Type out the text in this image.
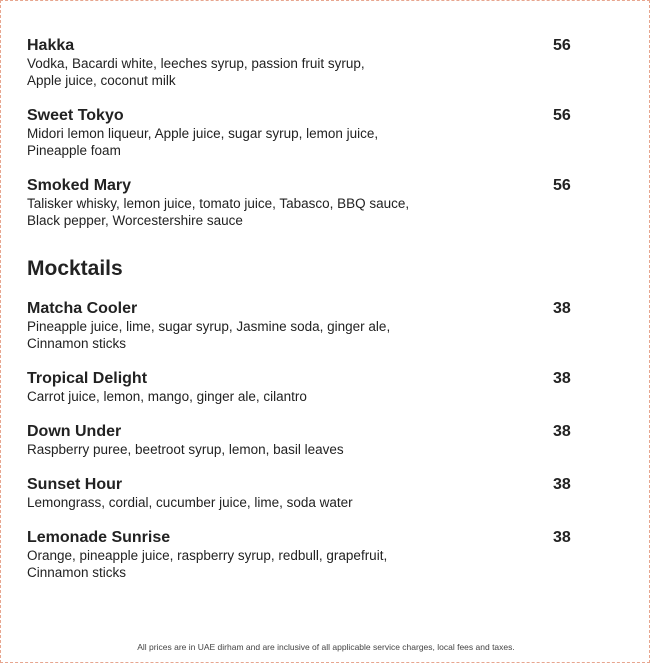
Hakka
Vodka, Bacardi white, leeches syrup, passion fruit syrup,
Apple juice, coconut milk
56
Sweet Tokyo
Midori lemon liqueur, Apple juice, sugar syrup, lemon juice,
Pineapple foam
56
Smoked Mary
Talisker whisky, lemon juice, tomato juice, Tabasco, BBQ sauce,
Black pepper, Worcestershire sauce
56
Mocktails
Matcha Cooler
Pineapple juice, lime, sugar syrup, Jasmine soda, ginger ale,
Cinnamon sticks
38
Tropical Delight
Carrot juice, lemon, mango, ginger ale, cilantro
38
Down Under
Raspberry puree, beetroot syrup, lemon, basil leaves
38
Sunset Hour
Lemongrass, cordial, cucumber juice, lime, soda water
38
Lemonade Sunrise
Orange, pineapple juice, raspberry syrup, redbull, grapefruit,
Cinnamon sticks
38
All prices are in UAE dirham and are inclusive of all applicable service charges, local fees and taxes.
